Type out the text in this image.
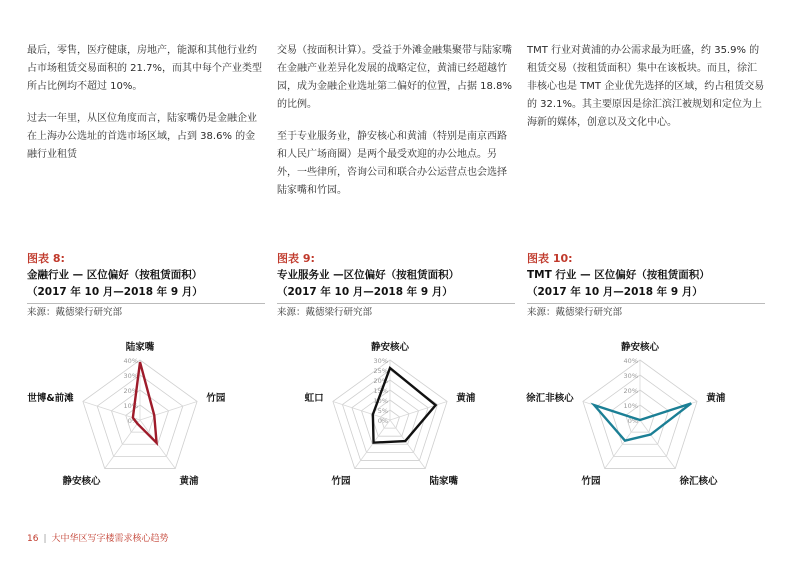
最后，零售，医疗健康，房地产，能源和其他行业约占市场租赁交易面积的 21.7%，而其中每个产业类型所占比例均不超过 10%。

过去一年里，从区位角度而言，陆家嘴仍是金融企业在上海办公选址的首选市场区域，占到 38.6% 的金融行业租赁

交易（按面积计算）。受益于外滩金融集聚带与陆家嘴在金融产业差异化发展的战略定位，黄浦已经超越竹园，成为金融企业选址第二偏好的位置，占据 18.8% 的比例。

至于专业服务业，静安核心和黄浦（特别是南京西路和人民广场商圈）是两个最受欢迎的办公地点。另外，一些律所，咨询公司和联合办公运营点也会选择陆家嘴和竹园。

TMT 行业对黄浦的办公需求最为旺盛，约 35.9% 的租赁交易（按租赁面积）集中在该板块。而且，徐汇非核心也是 TMT 企业优先选择的区域，约占租赁交易的 32.1%。其主要原因是徐汇滨江被规划和定位为上海新的媒体，创意以及文化中心。

图表 8:
金融行业 — 区位偏好（按租赁面积）
（2017 年 10 月—2018 年 9 月）
来源：戴德梁行研究部
图表 9:
专业服务业 —区位偏好（按租赁面积）
（2017 年 10 月—2018 年 9 月）
来源：戴德梁行研究部
图表 10:
TMT 行业 — 区位偏好（按租赁面积）
（2017 年 10 月—2018 年 9 月）
来源：戴德梁行研究部
0%
10%
20%
30%
40%
陆家嘴
竹园
黄浦
静安核心
世博&前滩
0%
5%
10%
15%
20%
25%
30%
静安核心
黄浦
陆家嘴
竹园
虹口
0%
10%
20%
30%
40%
静安核心
黄浦
徐汇核心
竹园
徐汇非核心
16 | 大中华区写字楼需求核心趋势
